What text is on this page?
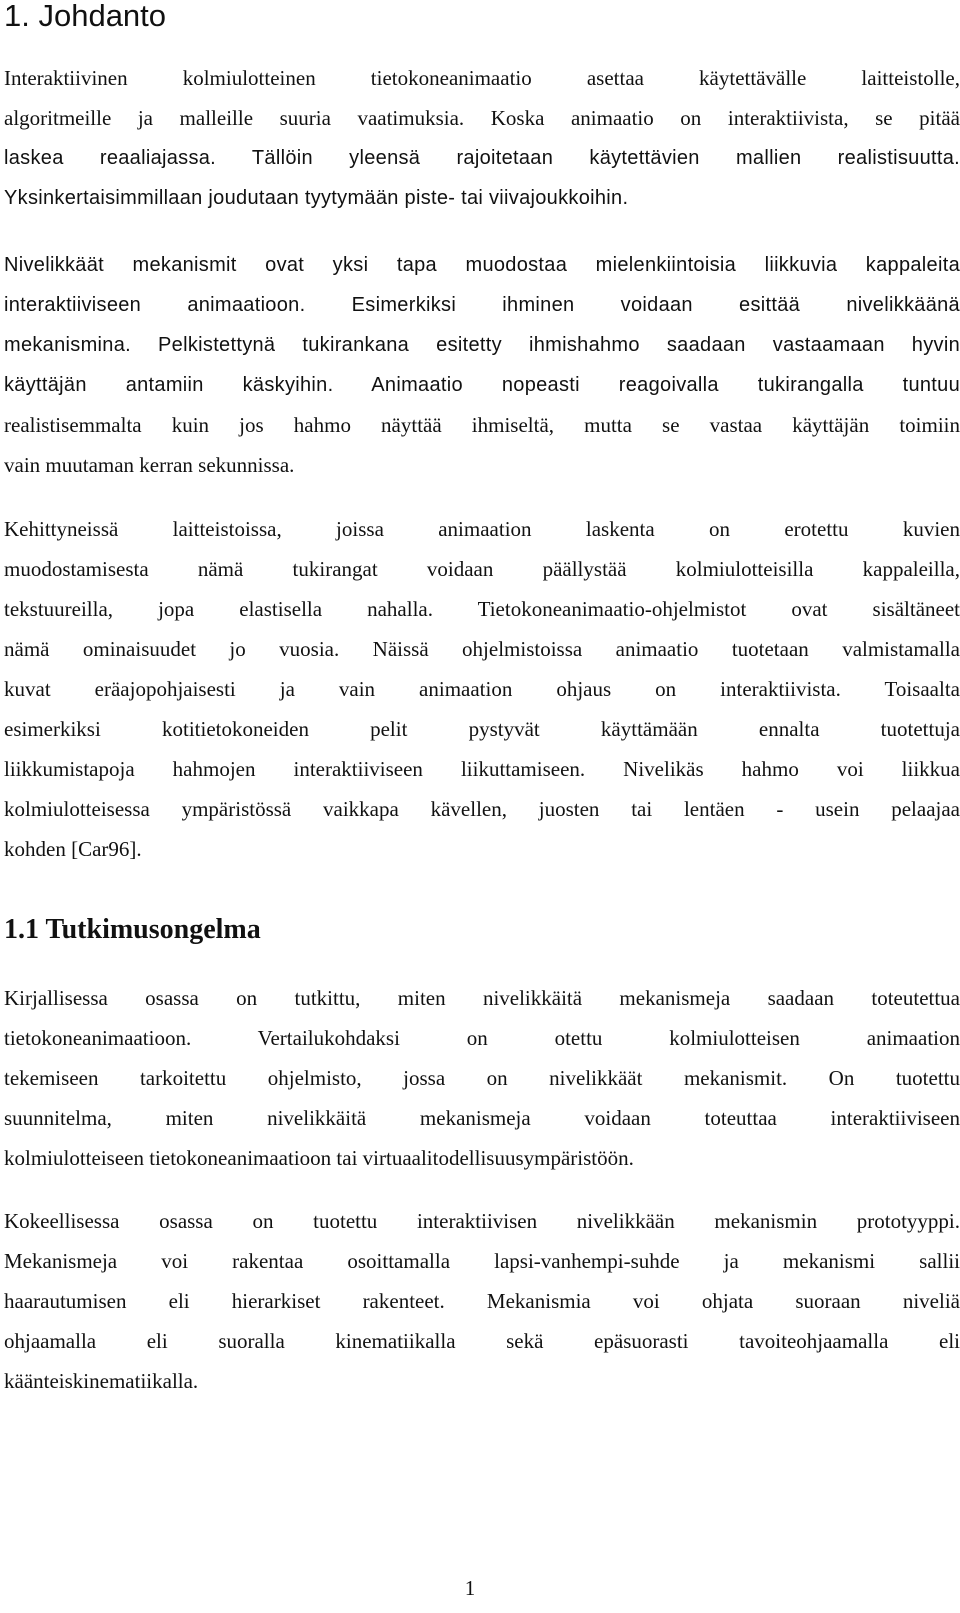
1. Johdanto

Interaktiivinen kolmiulotteinen tietokoneanimaatio asettaa käytettävälle laitteistolle,
algoritmeille ja malleille suuria vaatimuksia. Koska animaatio on interaktiivista, se pitää
laskea reaaliajassa. Tällöin yleensä rajoitetaan käytettävien mallien realistisuutta.
Yksinkertaisimmillaan joudutaan tyytymään piste- tai viivajoukkoihin.

Nivelikkäät mekanismit ovat yksi tapa muodostaa mielenkiintoisia liikkuvia kappaleita
interaktiiviseen animaatioon. Esimerkiksi ihminen voidaan esittää nivelikkäänä
mekanismina. Pelkistettynä tukirankana esitetty ihmishahmo saadaan vastaamaan hyvin
käyttäjän antamiin käskyihin. Animaatio nopeasti reagoivalla tukirangalla tuntuu
realistisemmalta kuin jos hahmo näyttää ihmiseltä, mutta se vastaa käyttäjän toimiin
vain muutaman kerran sekunnissa.

Kehittyneissä laitteistoissa, joissa animaation laskenta on erotettu kuvien
muodostamisesta nämä tukirangat voidaan päällystää kolmiulotteisilla kappaleilla,
tekstuureilla, jopa elastisella nahalla. Tietokoneanimaatio-ohjelmistot ovat sisältäneet
nämä ominaisuudet jo vuosia. Näissä ohjelmistoissa animaatio tuotetaan valmistamalla
kuvat eräajopohjaisesti ja vain animaation ohjaus on interaktiivista. Toisaalta
esimerkiksi kotitietokoneiden pelit pystyvät käyttämään ennalta tuotettuja
liikkumistapoja hahmojen interaktiiviseen liikuttamiseen. Nivelikäs hahmo voi liikkua
kolmiulotteisessa ympäristössä vaikkapa kävellen, juosten tai lentäen - usein pelaajaa
kohden [Car96].

1.1 Tutkimusongelma

Kirjallisessa osassa on tutkittu, miten nivelikkäitä mekanismeja saadaan toteutettua
tietokoneanimaatioon. Vertailukohdaksi on otettu kolmiulotteisen animaation
tekemiseen tarkoitettu ohjelmisto, jossa on nivelikkäät mekanismit. On tuotettu
suunnitelma, miten nivelikkäitä mekanismeja voidaan toteuttaa interaktiiviseen
kolmiulotteiseen tietokoneanimaatioon tai virtuaalitodellisuusympäristöön.

Kokeellisessa osassa on tuotettu interaktiivisen nivelikkään mekanismin prototyyppi.
Mekanismeja voi rakentaa osoittamalla lapsi-vanhempi-suhde ja mekanismi sallii
haarautumisen eli hierarkiset rakenteet. Mekanismia voi ohjata suoraan niveliä
ohjaamalla eli suoralla kinematiikalla sekä epäsuorasti tavoiteohjaamalla eli
käänteiskinematiikalla.

1
